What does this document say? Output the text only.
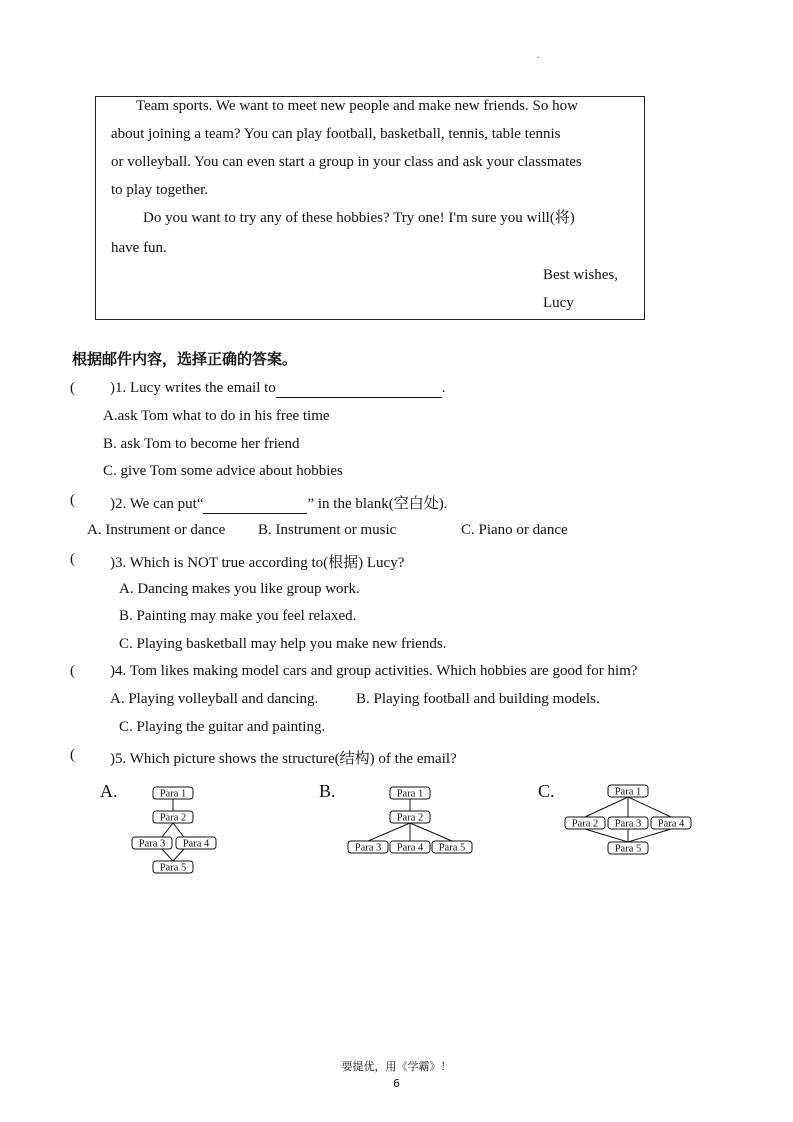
.
Team sports. We want to meet new people and make new friends. So how
about joining a team? You can play football, basketball, tennis, table tennis
or volleyball. You can even start a group in your class and ask your classmates
to play together.
Do you want to try any of these hobbies? Try one! I'm sure you will(将)
have fun.
Best wishes,
Lucy
根据邮件内容，选择正确的答案。
( )1. Lucy writes the email to	.
A.ask Tom what to do in his free time
B. ask Tom to become her friend
C. give Tom some advice about hobbies
( )2. We can put“	” in the blank(空白处).
A. Instrument or dance B. Instrument or music	C. Piano or dance
( )3. Which is NOT true according to(根据) Lucy?
A. Dancing makes you like group work.
B. Painting may make you feel relaxed.
C. Playing basketball may help you make new friends.
( )4. Tom likes making model cars and group activities. Which hobbies are good for him?
A. Playing volleyball and dancing.	B. Playing football and building models.
C. Playing the guitar and painting.
( )5. Which picture shows the structure(结构) of the email?
A.	Para 1
Para 2
Para 3 Para 4
Para 5
B.	Para 1
Para 2
Para 3 Para 4 Para 5
C.	Para 1
Para 2 Para 3 Para 4
Para 5
要提优，用《学霸》！
6
